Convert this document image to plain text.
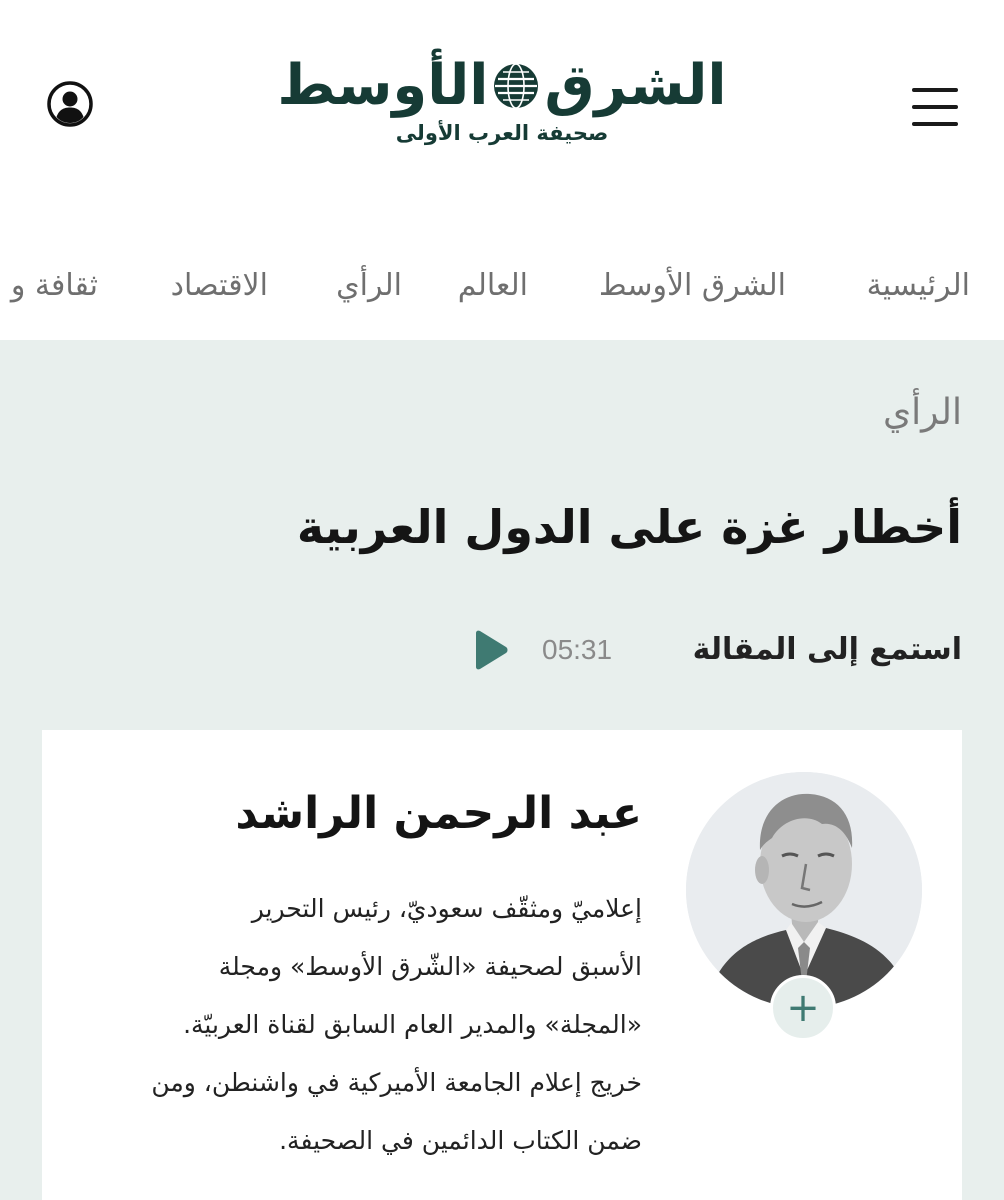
الشرق
الأوسط
صحيفة العرب الأولى
الرئيسية
الشرق الأوسط
العالم
الرأي
الاقتصاد
ثقافة و
الرأي
أخطار غزة على الدول العربية
استمع إلى المقالة
05:31
عبد الرحمن الراشد
إعلاميّ ومثقّف سعوديّ، رئيس التحرير
الأسبق لصحيفة «الشّرق الأوسط» ومجلة
«المجلة» والمدير العام السابق لقناة العربيّة.
خريج إعلام الجامعة الأميركية في واشنطن، ومن
ضمن الكتاب الدائمين في الصحيفة.
+
